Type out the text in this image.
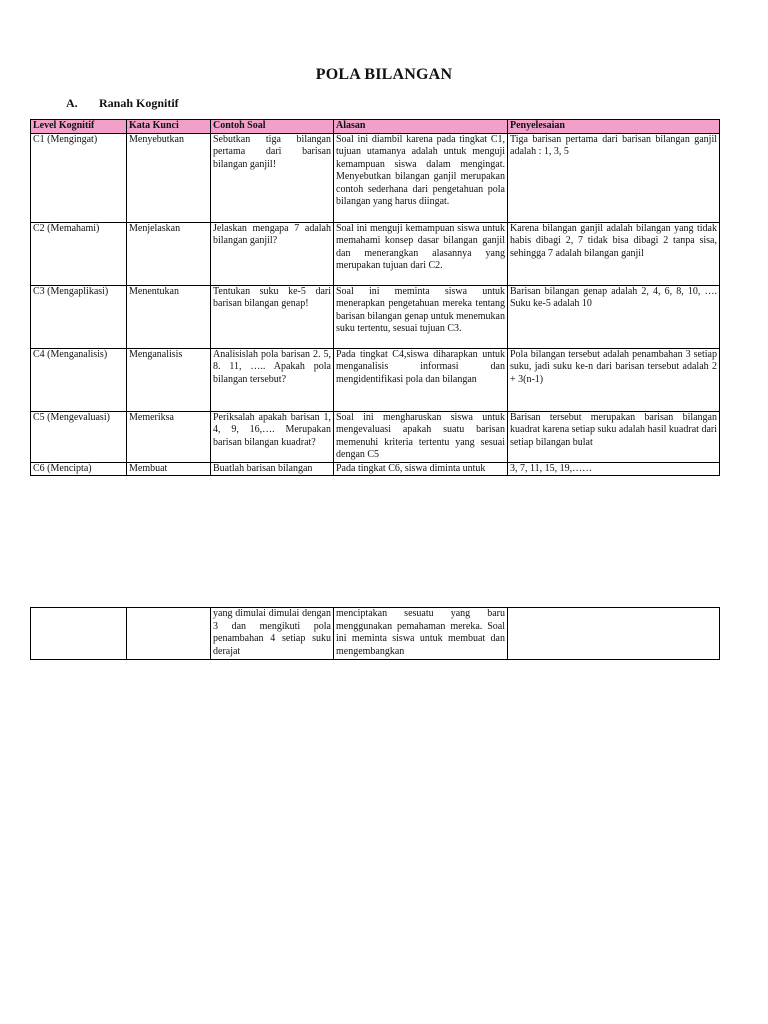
POLA BILANGAN
A. Ranah Kognitif
Level Kognitif	Kata Kunci	Contoh Soal	Alasan	Penyelesaian
C1 (Mengingat)	Menyebutkan	Sebutkan tiga bilangan pertama dari barisan bilangan ganjil!	Soal ini diambil karena pada tingkat C1, tujuan utamanya adalah untuk menguji kemampuan siswa dalam mengingat. Menyebutkan bilangan ganjil merupakan contoh sederhana dari pengetahuan pola bilangan yang harus diingat.	Tiga barisan pertama dari barisan bilangan ganjil adalah : 1, 3, 5
C2 (Memahami)	Menjelaskan	Jelaskan mengapa 7 adalah bilangan ganjil?	Soal ini menguji kemampuan siswa untuk memahami konsep dasar bilangan ganjil dan menerangkan alasannya yang merupakan tujuan dari C2.	Karena bilangan ganjil adalah bilangan yang tidak habis dibagi 2, 7 tidak bisa dibagi 2 tanpa sisa, sehingga 7 adalah bilangan ganjil
C3 (Mengaplikasi)	Menentukan	Tentukan suku ke-5 dari barisan bilangan genap!	Soal ini meminta siswa untuk menerapkan pengetahuan mereka tentang barisan bilangan genap untuk menemukan suku tertentu, sesuai tujuan C3.	Barisan bilangan genap adalah 2, 4, 6, 8, 10, …. Suku ke-5 adalah 10
C4 (Menganalisis)	Menganalisis	Analisislah pola barisan 2. 5, 8. 11, ….. Apakah pola bilangan tersebut?	Pada tingkat C4,siswa diharapkan untuk menganalisis informasi dan mengidentifikasi pola dan bilangan	Pola bilangan tersebut adalah penambahan 3 setiap suku, jadi suku ke-n dari barisan tersebut adalah 2 + 3(n-1)
C5 (Mengevaluasi)	Memeriksa	Periksalah apakah barisan 1, 4, 9, 16,…. Merupakan barisan bilangan kuadrat?	Soal ini mengharuskan siswa untuk mengevaluasi apakah suatu barisan memenuhi kriteria tertentu yang sesuai dengan C5	Barisan tersebut merupakan barisan bilangan kuadrat karena setiap suku adalah hasil kuadrat dari setiap bilangan bulat
C6 (Mencipta)	Membuat	Buatlah barisan bilangan	Pada tingkat C6, siswa diminta untuk	3, 7, 11, 15, 19,……
		yang dimulai dimulai dengan 3 dan mengikuti pola penambahan 4 setiap suku derajat	menciptakan sesuatu yang baru menggunakan pemahaman mereka. Soal ini meminta siswa untuk membuat dan mengembangkan	
